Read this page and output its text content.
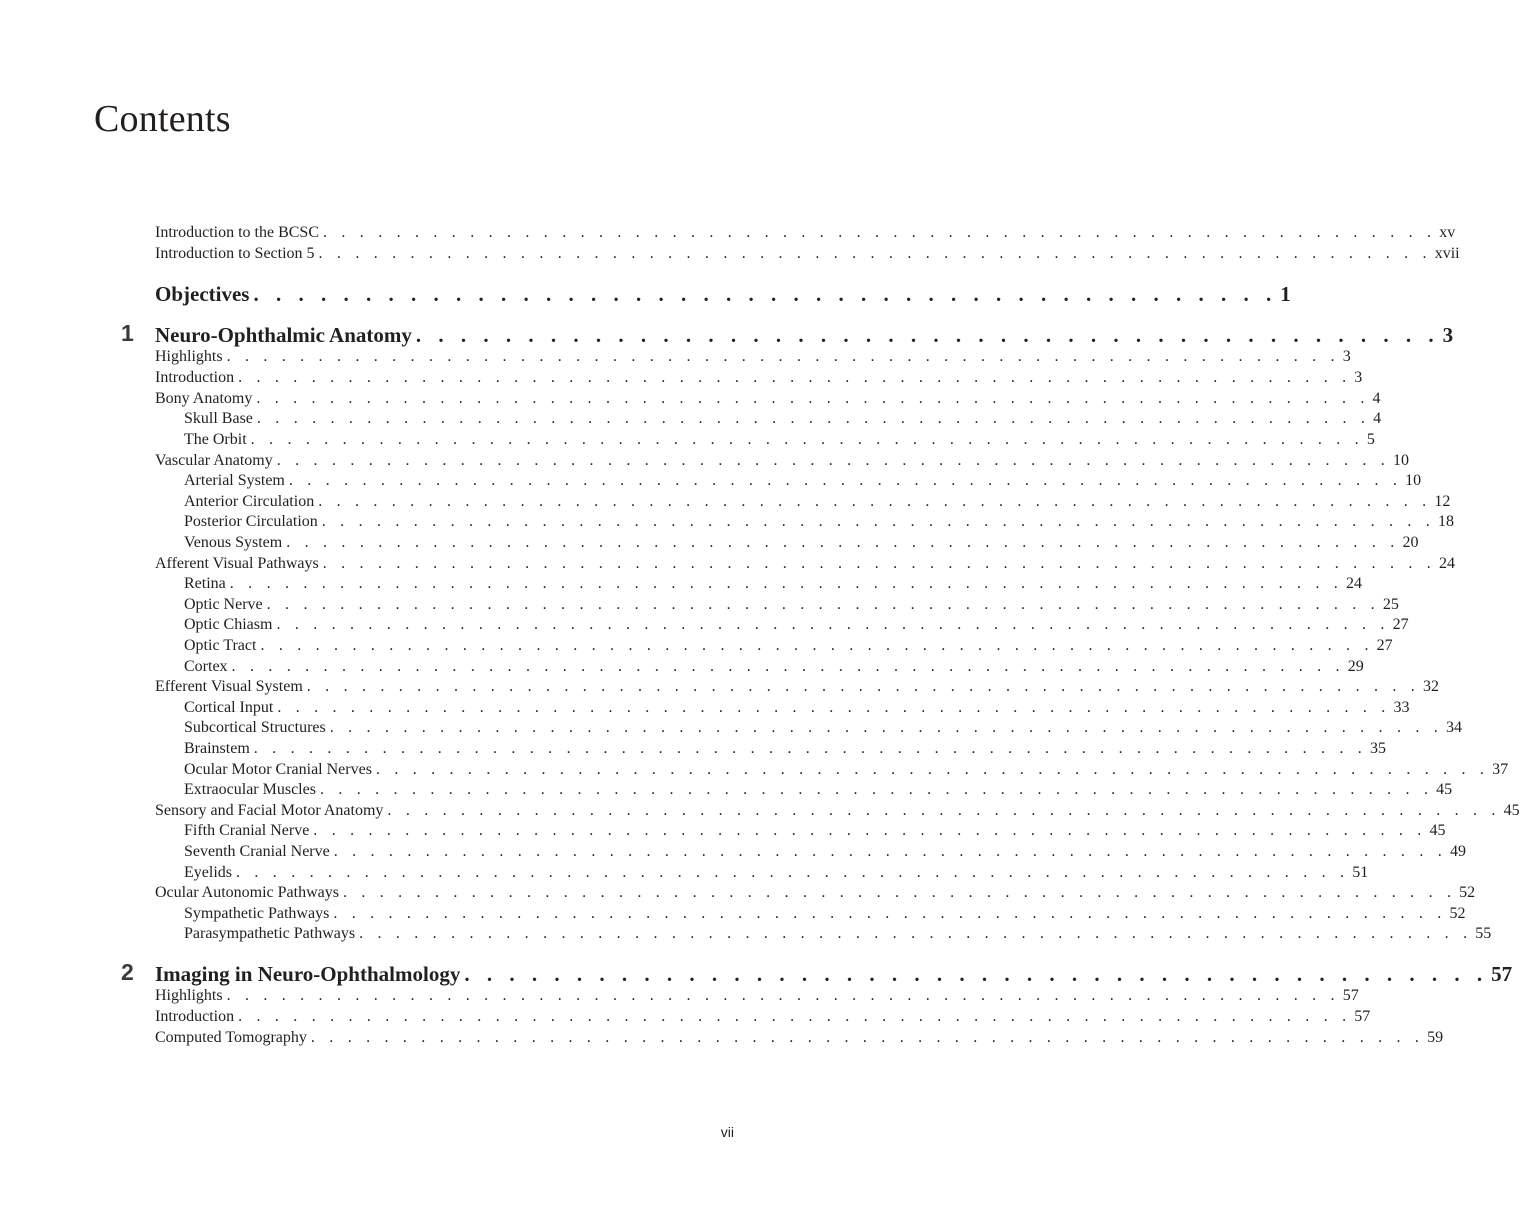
Contents
Introduction to the BCSC . . . . . . . . . . . . . . . . . . . . . . . . . . . . . . . . . . . . . . . . . . . . . . . . . . . . . . . . . . . . . xv
Introduction to Section 5 . . . . . . . . . . . . . . . . . . . . . . . . . . . . . . . . . . . . . . . . . . . . . . . . . . . . . . . . . . . . . xvii
Objectives . . . . . . . . . . . . . . . . . . . . . . . . . . . . . . . . . . . . . . . . . . . . . . 1
Neuro-Ophthalmic Anatomy . . . . . . . . . . . . . . . . . . . . . . . . . . . . . . . . . . . . . . . . . . . . . . 3
Highlights . . . . . . . . . . . . . . . . . . . . . . . . . . . . . . . . . . . . . . . . . . . . . . . . . . . . . . . . . . . . . 3
Introduction . . . . . . . . . . . . . . . . . . . . . . . . . . . . . . . . . . . . . . . . . . . . . . . . . . . . . . . . . . . . . 3
Bony Anatomy . . . . . . . . . . . . . . . . . . . . . . . . . . . . . . . . . . . . . . . . . . . . . . . . . . . . . . . . . . . . . 4
Skull Base . . . . . . . . . . . . . . . . . . . . . . . . . . . . . . . . . . . . . . . . . . . . . . . . . . . . . . . . . . . . . 4
The Orbit . . . . . . . . . . . . . . . . . . . . . . . . . . . . . . . . . . . . . . . . . . . . . . . . . . . . . . . . . . . . . 5
Vascular Anatomy . . . . . . . . . . . . . . . . . . . . . . . . . . . . . . . . . . . . . . . . . . . . . . . . . . . . . . . . . . . . . 10
Arterial System . . . . . . . . . . . . . . . . . . . . . . . . . . . . . . . . . . . . . . . . . . . . . . . . . . . . . . . . . . . . . 10
Anterior Circulation . . . . . . . . . . . . . . . . . . . . . . . . . . . . . . . . . . . . . . . . . . . . . . . . . . . . . . . . . . . . . 12
Posterior Circulation . . . . . . . . . . . . . . . . . . . . . . . . . . . . . . . . . . . . . . . . . . . . . . . . . . . . . . . . . . . . . 18
Venous System . . . . . . . . . . . . . . . . . . . . . . . . . . . . . . . . . . . . . . . . . . . . . . . . . . . . . . . . . . . . . 20
Afferent Visual Pathways . . . . . . . . . . . . . . . . . . . . . . . . . . . . . . . . . . . . . . . . . . . . . . . . . . . . . . . . . . . . . 24
Retina . . . . . . . . . . . . . . . . . . . . . . . . . . . . . . . . . . . . . . . . . . . . . . . . . . . . . . . . . . . . . 24
Optic Nerve . . . . . . . . . . . . . . . . . . . . . . . . . . . . . . . . . . . . . . . . . . . . . . . . . . . . . . . . . . . . . 25
Optic Chiasm . . . . . . . . . . . . . . . . . . . . . . . . . . . . . . . . . . . . . . . . . . . . . . . . . . . . . . . . . . . . . 27
Optic Tract . . . . . . . . . . . . . . . . . . . . . . . . . . . . . . . . . . . . . . . . . . . . . . . . . . . . . . . . . . . . . 27
Cortex . . . . . . . . . . . . . . . . . . . . . . . . . . . . . . . . . . . . . . . . . . . . . . . . . . . . . . . . . . . . . 29
Efferent Visual System . . . . . . . . . . . . . . . . . . . . . . . . . . . . . . . . . . . . . . . . . . . . . . . . . . . . . . . . . . . . . 32
Cortical Input . . . . . . . . . . . . . . . . . . . . . . . . . . . . . . . . . . . . . . . . . . . . . . . . . . . . . . . . . . . . . 33
Subcortical Structures . . . . . . . . . . . . . . . . . . . . . . . . . . . . . . . . . . . . . . . . . . . . . . . . . . . . . . . . . . . . . 34
Brainstem . . . . . . . . . . . . . . . . . . . . . . . . . . . . . . . . . . . . . . . . . . . . . . . . . . . . . . . . . . . . . 35
Ocular Motor Cranial Nerves . . . . . . . . . . . . . . . . . . . . . . . . . . . . . . . . . . . . . . . . . . . . . . . . . . . . . . . . . . . . . 37
Extraocular Muscles . . . . . . . . . . . . . . . . . . . . . . . . . . . . . . . . . . . . . . . . . . . . . . . . . . . . . . . . . . . . . 45
Sensory and Facial Motor Anatomy . . . . . . . . . . . . . . . . . . . . . . . . . . . . . . . . . . . . . . . . . . . . . . . . . . . . . . . . . . . . . 45
Fifth Cranial Nerve . . . . . . . . . . . . . . . . . . . . . . . . . . . . . . . . . . . . . . . . . . . . . . . . . . . . . . . . . . . . . 45
Seventh Cranial Nerve . . . . . . . . . . . . . . . . . . . . . . . . . . . . . . . . . . . . . . . . . . . . . . . . . . . . . . . . . . . . . 49
Eyelids . . . . . . . . . . . . . . . . . . . . . . . . . . . . . . . . . . . . . . . . . . . . . . . . . . . . . . . . . . . . . 51
Ocular Autonomic Pathways . . . . . . . . . . . . . . . . . . . . . . . . . . . . . . . . . . . . . . . . . . . . . . . . . . . . . . . . . . . . . 52
Sympathetic Pathways . . . . . . . . . . . . . . . . . . . . . . . . . . . . . . . . . . . . . . . . . . . . . . . . . . . . . . . . . . . . . 52
Parasympathetic Pathways . . . . . . . . . . . . . . . . . . . . . . . . . . . . . . . . . . . . . . . . . . . . . . . . . . . . . . . . . . . . . 55
Imaging in Neuro-Ophthalmology . . . . . . . . . . . . . . . . . . . . . . . . . . . . . . . . . . . . . . . . . . . . . . 57
Highlights . . . . . . . . . . . . . . . . . . . . . . . . . . . . . . . . . . . . . . . . . . . . . . . . . . . . . . . . . . . . . 57
Introduction . . . . . . . . . . . . . . . . . . . . . . . . . . . . . . . . . . . . . . . . . . . . . . . . . . . . . . . . . . . . . 57
Computed Tomography . . . . . . . . . . . . . . . . . . . . . . . . . . . . . . . . . . . . . . . . . . . . . . . . . . . . . . . . . . . . . 59
1
2
vii
